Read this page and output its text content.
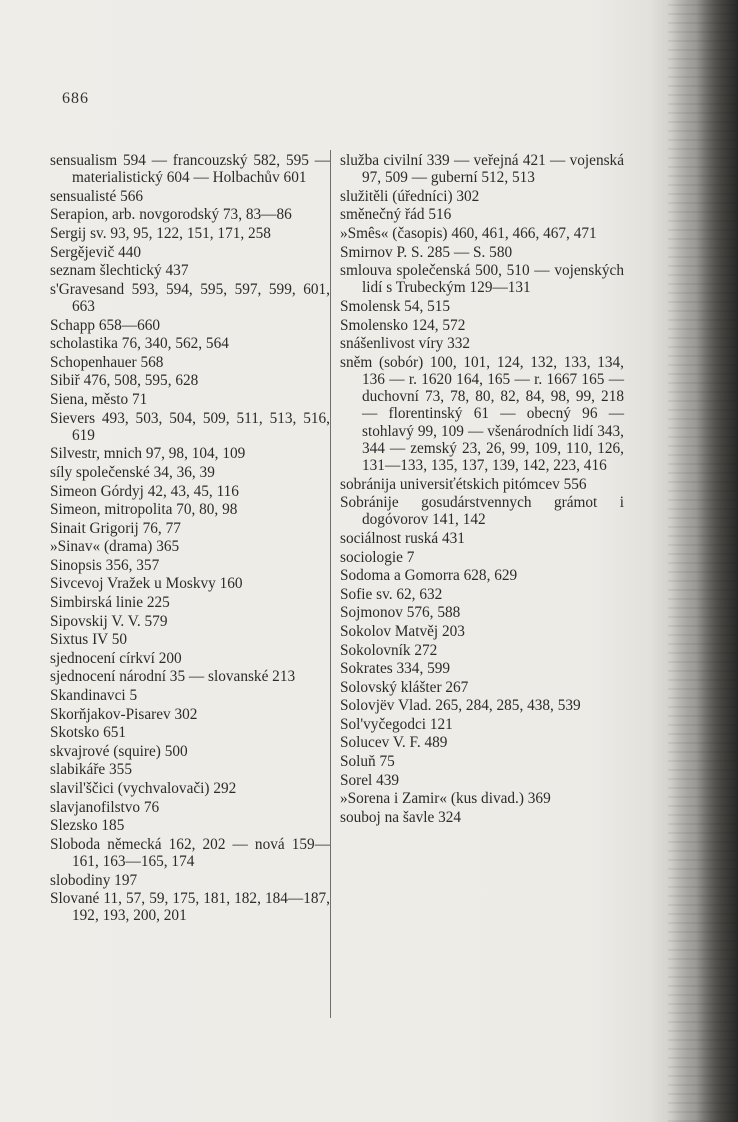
686

sensualism 594 — francouzský 582, 595 — materialistický 604 — Holbachův 601

sensualisté 566

Serapion, arb. novgorodský 73, 83—86

Sergij sv. 93, 95, 122, 151, 171, 258

Sergějevič 440

seznam šlechtický 437

s'Gravesand 593, 594, 595, 597, 599, 601, 663

Schapp 658—660

scholastika 76, 340, 562, 564

Schopenhauer 568

Sibiř 476, 508, 595, 628

Siena, město 71

Sievers 493, 503, 504, 509, 511, 513, 516, 619

Silvestr, mnich 97, 98, 104, 109

síly společenské 34, 36, 39

Simeon Górdyj 42, 43, 45, 116

Simeon, mitropolita 70, 80, 98

Sinait Grigorij 76, 77

»Sinav« (drama) 365

Sinopsis 356, 357

Sivcevoj Vražek u Moskvy 160

Simbirská linie 225

Sipovskij V. V. 579

Sixtus IV 50

sjednocení církví 200

sjednocení národní 35 — slovanské 213

Skandinavci 5

Skorňjakov-Pisarev 302

Skotsko 651

skvajrové (squire) 500

slabikáře 355

slavil'ščici (vychvalovači) 292

slavjanofilstvo 76

Slezsko 185

Sloboda německá 162, 202 — nová 159—161, 163—165, 174

slobodiny 197

Slované 11, 57, 59, 175, 181, 182, 184—187, 192, 193, 200, 201

služba civilní 339 — veřejná 421 — vojenská 97, 509 — guberní 512, 513

služitěli (úředníci) 302

směnečný řád 516

»Smês« (časopis) 460, 461, 466, 467, 471

Smirnov P. S. 285 — S. 580

smlouva společenská 500, 510 — vojenských lidí s Trubeckým 129—131

Smolensk 54, 515

Smolensko 124, 572

snášenlivost víry 332

sněm (sobór) 100, 101, 124, 132, 133, 134, 136 — r. 1620 164, 165 — r. 1667 165 — duchovní 73, 78, 80, 82, 84, 98, 99, 218 — florentinský 61 — obecný 96 — stohlavý 99, 109 — všenárodních lidí 343, 344 — zemský 23, 26, 99, 109, 110, 126, 131—133, 135, 137, 139, 142, 223, 416

sobránija universiťétskich pitómcev 556

Sobránije gosudárstvennych grámot i dogóvorov 141, 142

sociálnost ruská 431

sociologie 7

Sodoma a Gomorra 628, 629

Sofie sv. 62, 632

Sojmonov 576, 588

Sokolov Matvěj 203

Sokolovník 272

Sokrates 334, 599

Solovský klášter 267

Solovjëv Vlad. 265, 284, 285, 438, 539

Sol'vyčegodci 121

Solucev V. F. 489

Soluň 75

Sorel 439

»Sorena i Zamir« (kus divad.) 369

souboj na šavle 324
